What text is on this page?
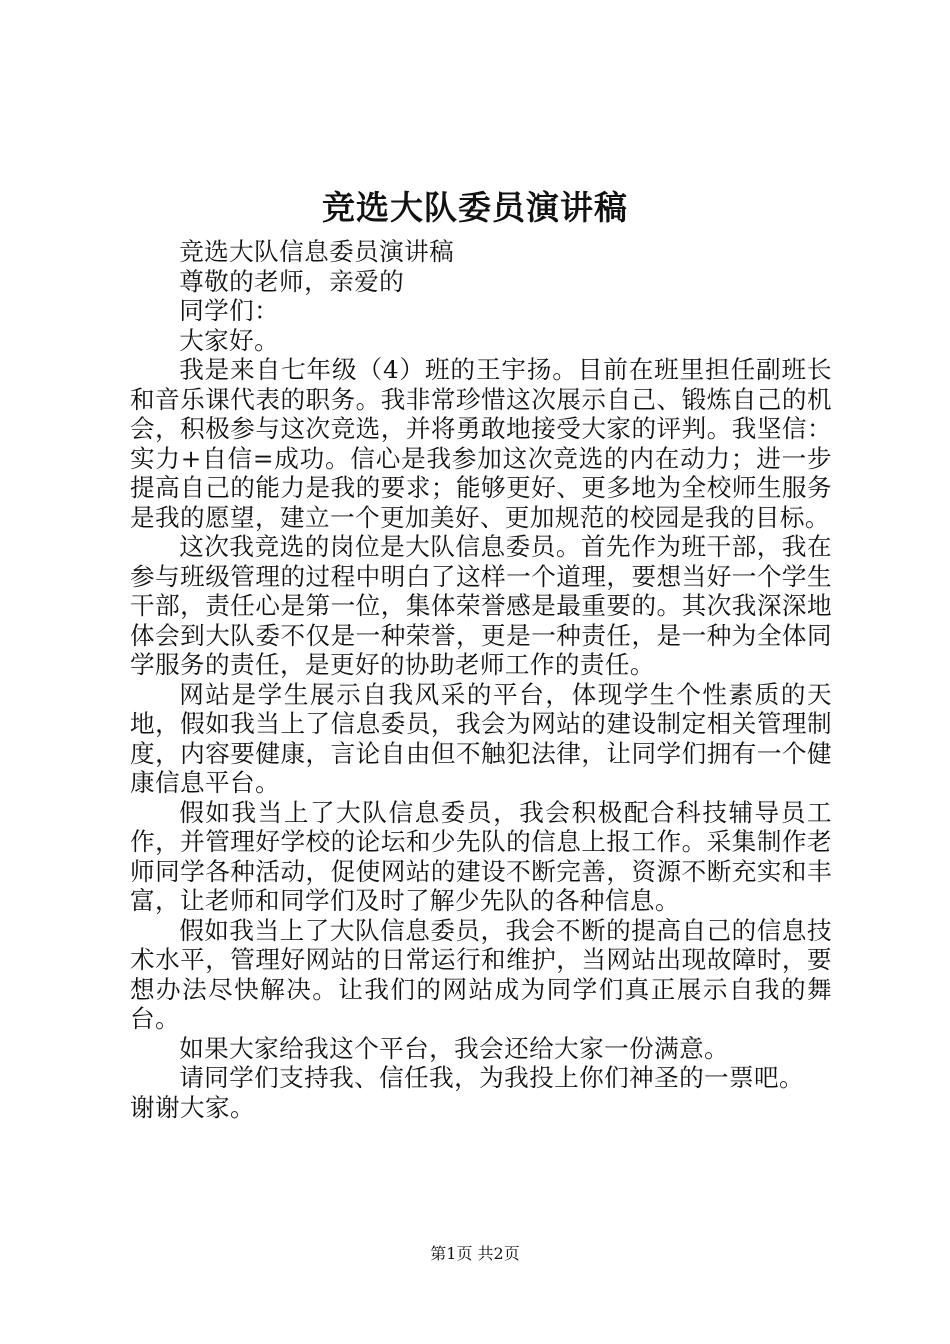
竞选大队委员演讲稿

竞选大队信息委员演讲稿

尊敬的老师，亲爱的

同学们：

大家好。

我是来自七年级（4）班的王宇扬。目前在班里担任副班长和音乐课代表的职务。我非常珍惜这次展示自己、锻炼自己的机会，积极参与这次竞选，并将勇敢地接受大家的评判。我坚信：实力+自信=成功。信心是我参加这次竞选的内在动力；进一步提高自己的能力是我的要求；能够更好、更多地为全校师生服务是我的愿望，建立一个更加美好、更加规范的校园是我的目标。

这次我竞选的岗位是大队信息委员。首先作为班干部，我在参与班级管理的过程中明白了这样一个道理，要想当好一个学生干部，责任心是第一位，集体荣誉感是最重要的。其次我深深地体会到大队委不仅是一种荣誉，更是一种责任，是一种为全体同学服务的责任，是更好的协助老师工作的责任。

网站是学生展示自我风采的平台，体现学生个性素质的天地，假如我当上了信息委员，我会为网站的建设制定相关管理制度，内容要健康，言论自由但不触犯法律，让同学们拥有一个健康信息平台。

假如我当上了大队信息委员，我会积极配合科技辅导员工作，并管理好学校的论坛和少先队的信息上报工作。采集制作老师同学各种活动，促使网站的建设不断完善，资源不断充实和丰富，让老师和同学们及时了解少先队的各种信息。

假如我当上了大队信息委员，我会不断的提高自己的信息技术水平，管理好网站的日常运行和维护，当网站出现故障时，要想办法尽快解决。让我们的网站成为同学们真正展示自我的舞台。

如果大家给我这个平台，我会还给大家一份满意。

请同学们支持我、信任我，为我投上你们神圣的一票吧。

谢谢大家。

第1页 共2页
